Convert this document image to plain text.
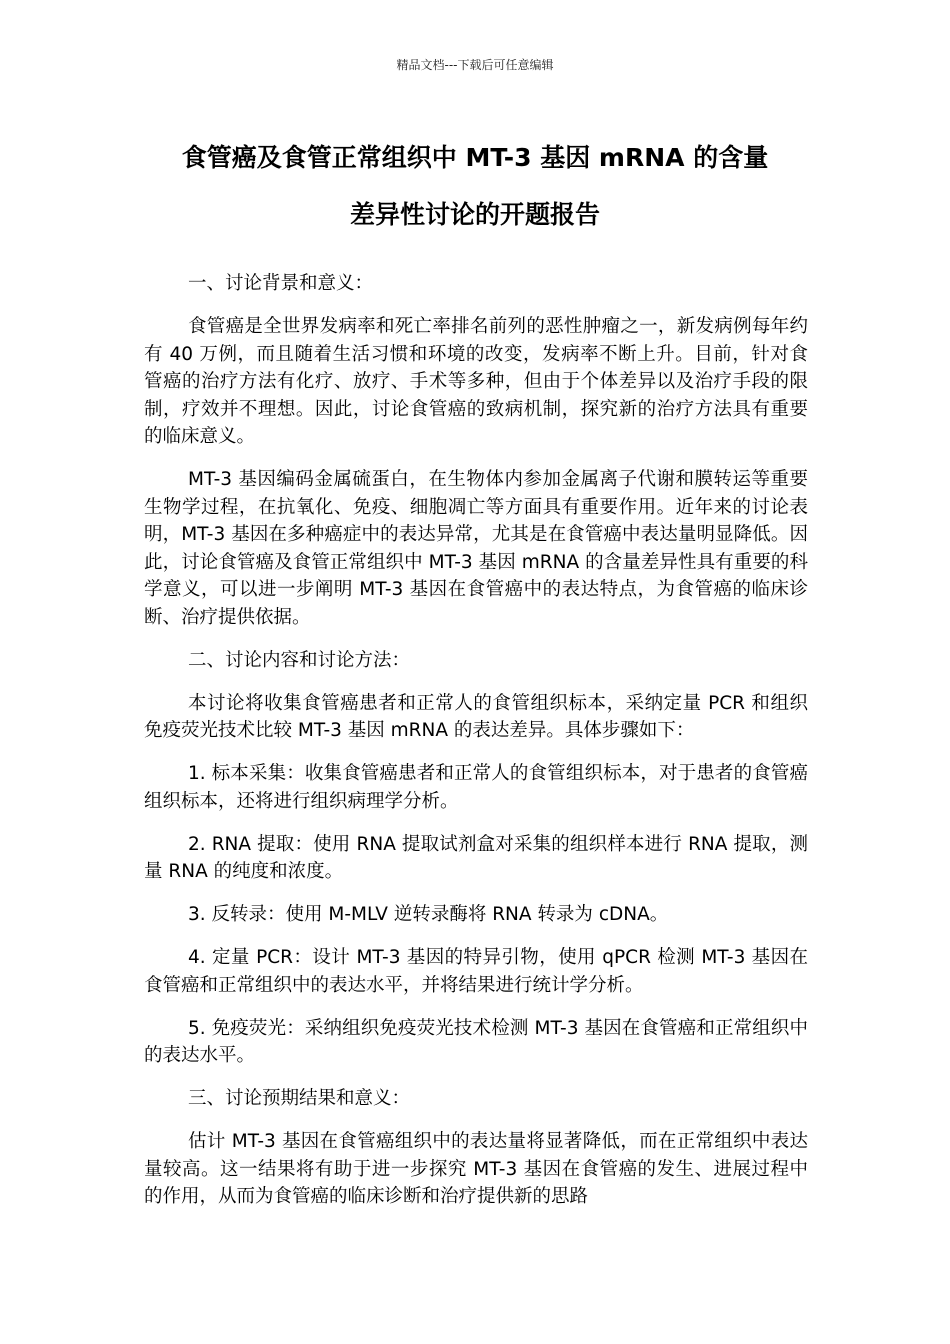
精品文档---下载后可任意编辑
食管癌及食管正常组织中 MT-3 基因 mRNA 的含量
差异性讨论的开题报告

一、讨论背景和意义：

食管癌是全世界发病率和死亡率排名前列的恶性肿瘤之一，新发病例每年约有 40 万例，而且随着生活习惯和环境的改变，发病率不断上升。目前，针对食管癌的治疗方法有化疗、放疗、手术等多种，但由于个体差异以及治疗手段的限制，疗效并不理想。因此，讨论食管癌的致病机制，探究新的治疗方法具有重要的临床意义。

MT-3 基因编码金属硫蛋白，在生物体内参加金属离子代谢和膜转运等重要生物学过程，在抗氧化、免疫、细胞凋亡等方面具有重要作用。近年来的讨论表明，MT-3 基因在多种癌症中的表达异常，尤其是在食管癌中表达量明显降低。因此，讨论食管癌及食管正常组织中 MT-3 基因 mRNA 的含量差异性具有重要的科学意义，可以进一步阐明 MT-3 基因在食管癌中的表达特点，为食管癌的临床诊断、治疗提供依据。

二、讨论内容和讨论方法：

本讨论将收集食管癌患者和正常人的食管组织标本，采纳定量 PCR 和组织免疫荧光技术比较 MT-3 基因 mRNA 的表达差异。具体步骤如下：

1. 标本采集：收集食管癌患者和正常人的食管组织标本，对于患者的食管癌组织标本，还将进行组织病理学分析。

2. RNA 提取：使用 RNA 提取试剂盒对采集的组织样本进行 RNA 提取，测量 RNA 的纯度和浓度。

3. 反转录：使用 M-MLV 逆转录酶将 RNA 转录为 cDNA。

4. 定量 PCR：设计 MT-3 基因的特异引物，使用 qPCR 检测 MT-3 基因在食管癌和正常组织中的表达水平，并将结果进行统计学分析。

5. 免疫荧光：采纳组织免疫荧光技术检测 MT-3 基因在食管癌和正常组织中的表达水平。

三、讨论预期结果和意义：

估计 MT-3 基因在食管癌组织中的表达量将显著降低，而在正常组织中表达量较高。这一结果将有助于进一步探究 MT-3 基因在食管癌的发生、进展过程中的作用，从而为食管癌的临床诊断和治疗提供新的思路
